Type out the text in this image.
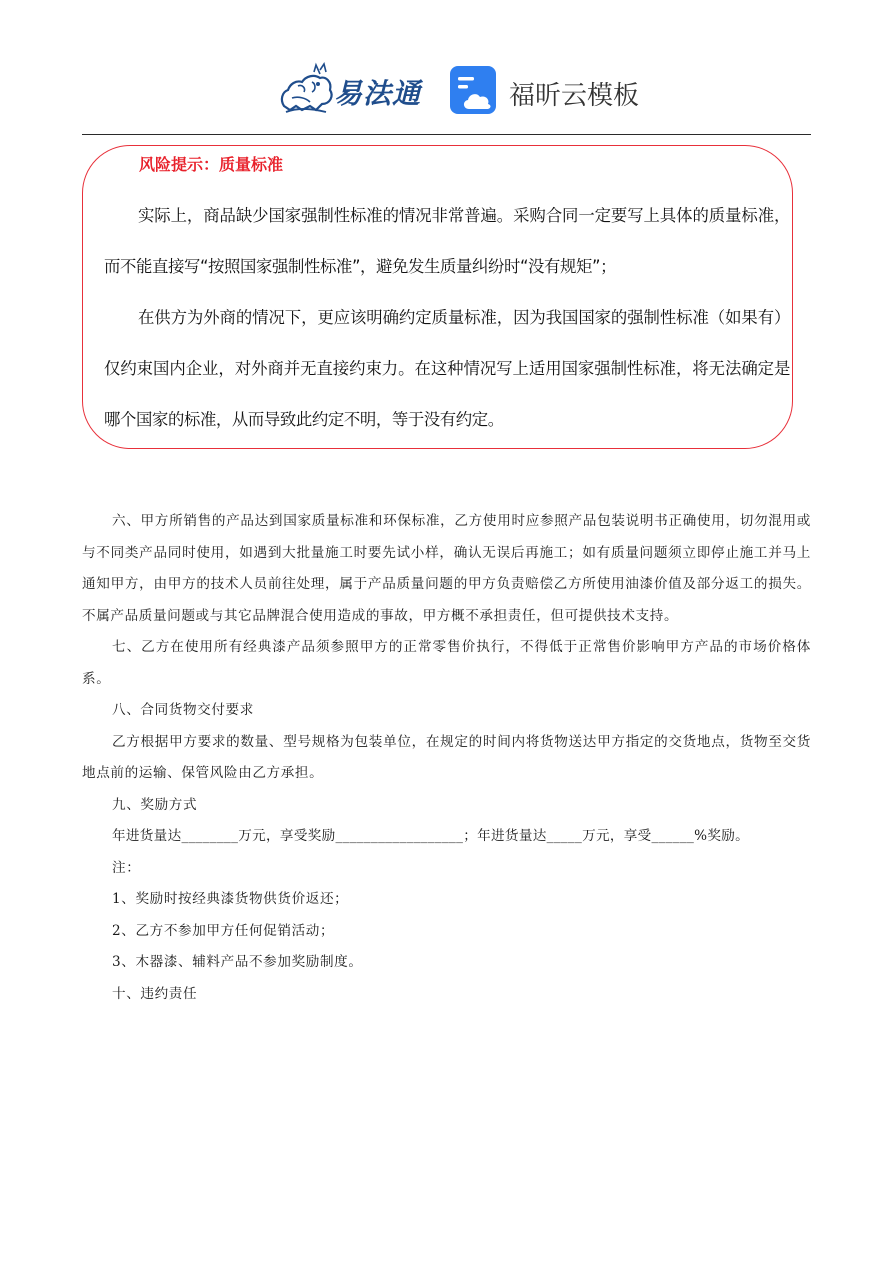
易法通	福昕云模板
风险提示：质量标准

实际上，商品缺少国家强制性标准的情况非常普遍。采购合同一定要写上具体的质量标准，而不能直接写“按照国家强制性标准”，避免发生质量纠纷时“没有规矩”；

在供方为外商的情况下，更应该明确约定质量标准，因为我国国家的强制性标准（如果有）仅约束国内企业，对外商并无直接约束力。在这种情况写上适用国家强制性标准，将无法确定是哪个国家的标准，从而导致此约定不明，等于没有约定。

六、甲方所销售的产品达到国家质量标准和环保标准，乙方使用时应参照产品包装说明书正确使用，切勿混用或与不同类产品同时使用，如遇到大批量施工时要先试小样，确认无误后再施工；如有质量问题须立即停止施工并马上通知甲方，由甲方的技术人员前往处理，属于产品质量问题的甲方负责赔偿乙方所使用油漆价值及部分返工的损失。不属产品质量问题或与其它品牌混合使用造成的事故，甲方概不承担责任，但可提供技术支持。
七、乙方在使用所有经典漆产品须参照甲方的正常零售价执行，不得低于正常售价影响甲方产品的市场价格体系。
八、合同货物交付要求
乙方根据甲方要求的数量、型号规格为包装单位，在规定的时间内将货物送达甲方指定的交货地点，货物至交货地点前的运输、保管风险由乙方承担。
九、奖励方式
年进货量达________万元，享受奖励__________________；年进货量达_____万元，享受______%奖励。
注：
1、奖励时按经典漆货物供货价返还；
2、乙方不参加甲方任何促销活动；
3、木器漆、辅料产品不参加奖励制度。
十、违约责任
